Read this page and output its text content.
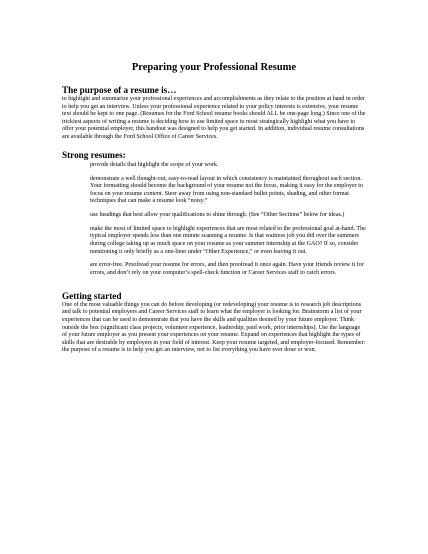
Preparing your Professional Resume
The purpose of a resume is…
to highlight and summarize your professional experiences and accomplishments as they relate to the position at hand in order to help you get an interview. Unless your professional experience related to your policy interests is extensive, your resume text should be kept to one page. (Resumes for the Ford School resume books should ALL be one-page long.) Since one of the trickiest aspects of writing a resume is deciding how to use limited space to most strategically highlight what you have to offer your potential employer, this handout was designed to help you get started. In addition, individual resume consultations are available through the Ford School Office of Career Services.
Strong resumes:
provide details that highlight the scope of your work.
demonstrate a well thought-out, easy-to-read layout in which consistency is maintained throughout each section. Your formatting should become the background of your resume not the focus, making it easy for the employer to focus on your resume content. Steer away from using non-standard bullet points, shading, and other format techniques that can make a resume look “noisy.”
use headings that best allow your qualifications to shine through. (See “Other Sections” below for ideas.)
make the most of limited space to highlight experiences that are most related to the professional goal at-hand. The typical employer spends less than one minute scanning a resume. Is that waitress job you did over the summers during college taking up as much space on your resume as your summer internship at the GAO? If so, consider mentioning it only briefly as a one-liner under “Other Experience,” or even leaving it out.
are error-free. Proofread your resume for errors, and then proofread it once again. Have your friends review it for errors, and don’t rely on your computer’s spell-check function or Career Services staff to catch errors.
Getting started
One of the most valuable things you can do before developing (or redeveloping) your resume is to research job descriptions and talk to potential employers and Career Services staff to learn what the employer is looking for. Brainstorm a list of your experiences that can be used to demonstrate that you have the skills and qualities desired by your future employer. Think outside the box (significant class projects, volunteer experience, leadership, paid work, prior internships). Use the language of your future employer as you present your experiences on your resume. Expand on experiences that highlight the types of skills that are desirable by employers in your field of interest. Keep your resume targeted, and employer-focused. Remember: the purpose of a resume is to help you get an interview, not to list everything you have ever done or won.
